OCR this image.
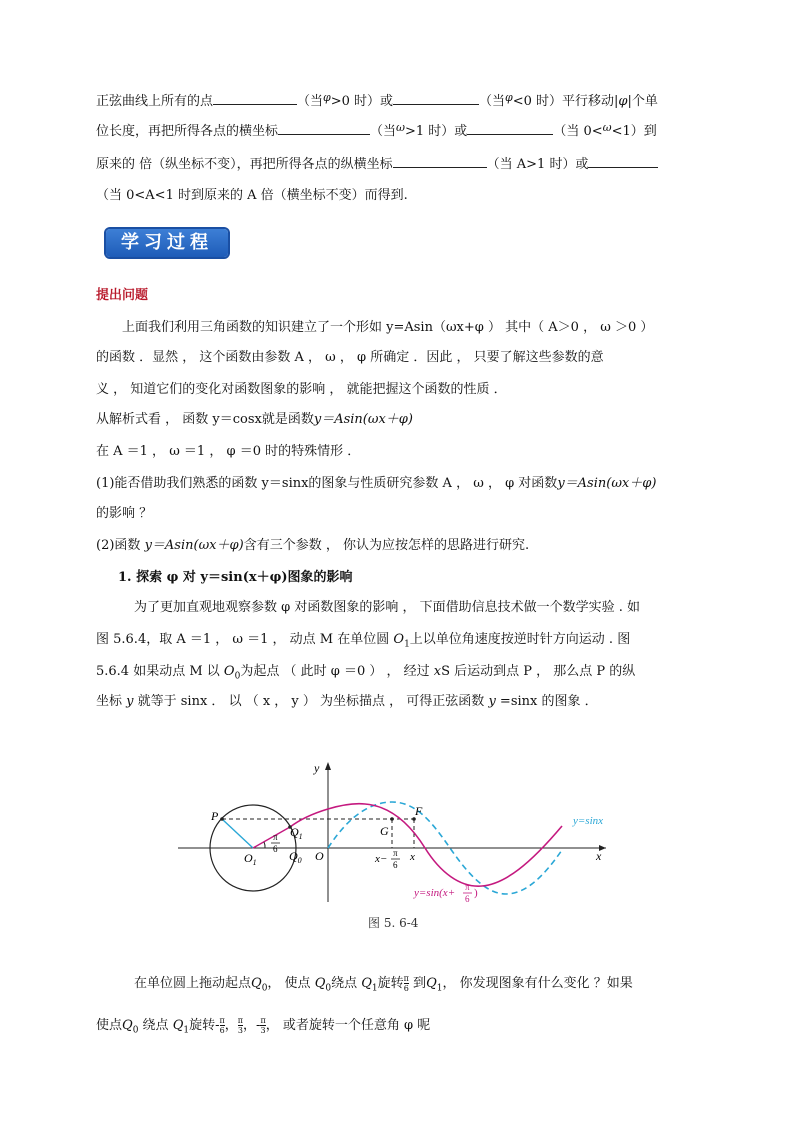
正弦曲线上所有的点	（当$^\varphi$>0 时）或	（当$^\varphi$<0 时）平行移动|φ|个单
位长度，再把所得各点的横坐标	（当$^\omega$>1 时）或	（当 0<$^\omega$<1）到
原来的 倍（纵坐标不变），再把所得各点的纵横坐标	（当 A>1 时）或
（当 0<A<1 时到原来的 A 倍（横坐标不变）而得到.
学习过程
提出问题
上面我们利用三角函数的知识建立了一个形如 y=Asin（ωx+φ ） 其中（ A＞0 ， ω ＞0 ）
的函数 ．显然 ， 这个函数由参数 A ， ω ， φ 所确定 ．因此 ， 只要了解这些参数的意
义 ， 知道它们的变化对函数图象的影响 ， 就能把握这个函数的性质 ．
从解析式看 ， 函数 y＝cosx就是函数y＝Asin(ωx＋φ)
在 A ＝1 ， ω ＝1 ， φ ＝0 时的特殊情形 ．
(1)能否借助我们熟悉的函数 y＝sinx的图象与性质研究参数 A ， ω ， φ 对函数y＝Asin(ωx＋φ)
的影响 ？
(2)函数 y＝Asin(ωx＋φ)含有三个参数 ， 你认为应按怎样的思路进行研究.
1. 探索 φ 对 y＝sin(x＋φ)图象的影响
为了更加直观地观察参数 φ 对函数图象的影响 ， 下面借助信息技术做一个数学实验 . 如
图 5.6.4，取 A ＝1 ， ω ＝1 ， 动点 M 在单位圆 $O_1$上以单位角速度按逆时针方向运动 . 图
5.6.4 如果动点 M 以 $O_0$为起点 （ 此时 φ ＝0 ） ， 经过 xS 后运动到点 P ， 那么点 P 的纵
坐标 y 就等于 sinx ． 以 （ x ， y ） 为坐标描点 ， 可得正弦函数 y =sinx 的图象 ．
y
x
P	F
G
$Q_1$
$Q_0$
$O_1$	O
π
6
x− π
6
x
y=sinx
y=sin(x+ π
6 )
图 5. 6-4
在单位圆上拖动起点$Q_0$， 使点 $Q_0$绕点 $Q_1$旋转 $\frac{\pi}{6}$ 到$Q_1$， 你发现图象有什么变化 ？如果
使点$Q_0$ 绕点 $Q_1$旋转- $\frac{\pi}{6}$ ， $\frac{\pi}{3}$ ，- $\frac{\pi}{3}$ ， 或者旋转一个任意角 φ 呢
